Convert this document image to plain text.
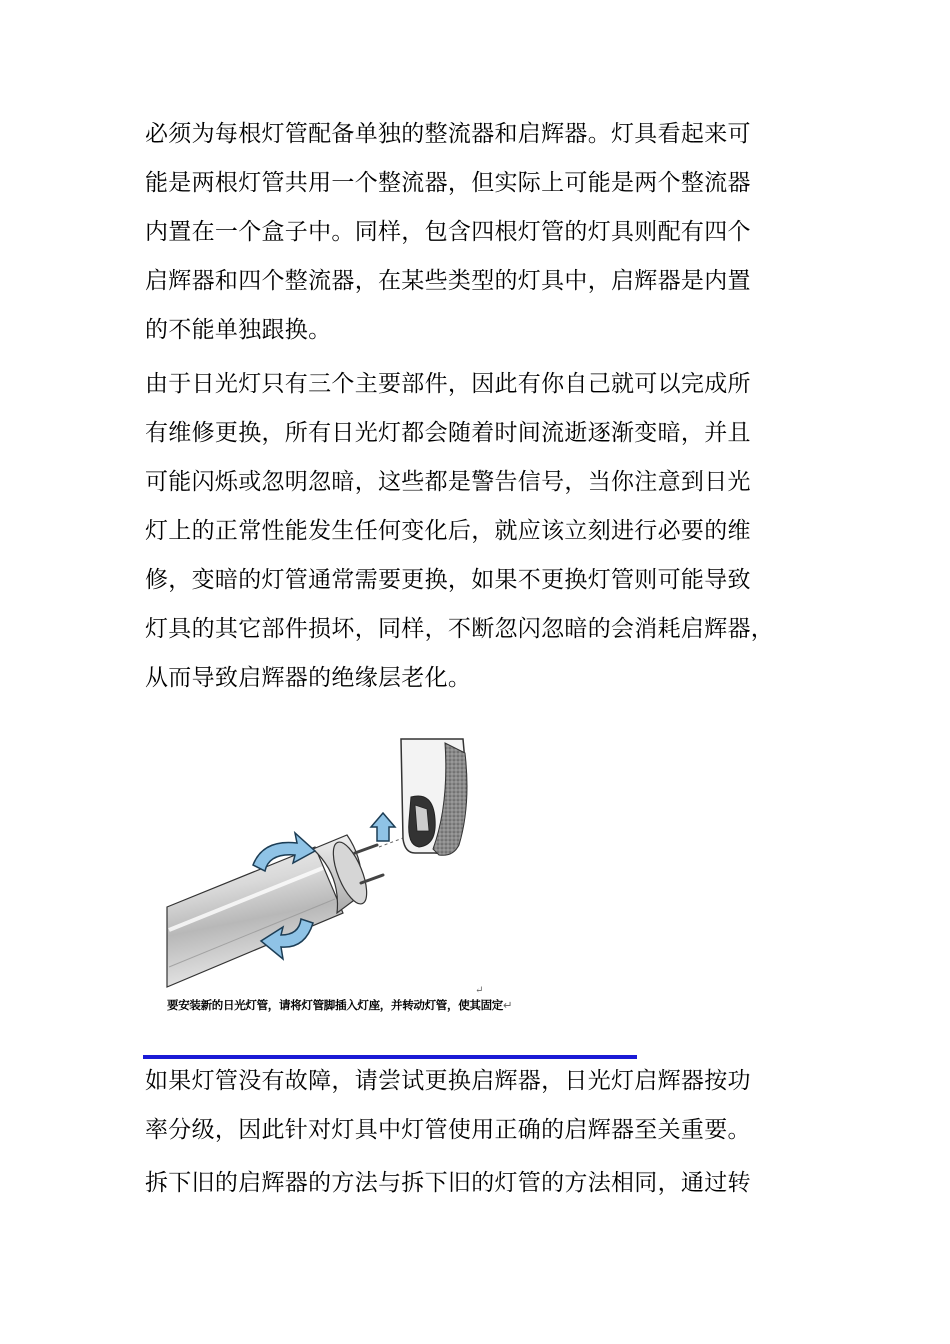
必须为每根灯管配备单独的整流器和启辉器。灯具看起来可
能是两根灯管共用一个整流器，但实际上可能是两个整流器
内置在一个盒子中。同样，包含四根灯管的灯具则配有四个
启辉器和四个整流器，在某些类型的灯具中，启辉器是内置
的不能单独跟换。

由于日光灯只有三个主要部件，因此有你自己就可以完成所
有维修更换，所有日光灯都会随着时间流逝逐渐变暗，并且
可能闪烁或忽明忽暗，这些都是警告信号，当你注意到日光
灯上的正常性能发生任何变化后，就应该立刻进行必要的维
修，变暗的灯管通常需要更换，如果不更换灯管则可能导致
灯具的其它部件损坏，同样，不断忽闪忽暗的会消耗启辉器，
从而导致启辉器的绝缘层老化。

↵
要安装新的日光灯管，请将灯管脚插入灯座，并转动灯管，使其固定↵

如果灯管没有故障，请尝试更换启辉器，日光灯启辉器按功
率分级，因此针对灯具中灯管使用正确的启辉器至关重要。

拆下旧的启辉器的方法与拆下旧的灯管的方法相同，通过转
